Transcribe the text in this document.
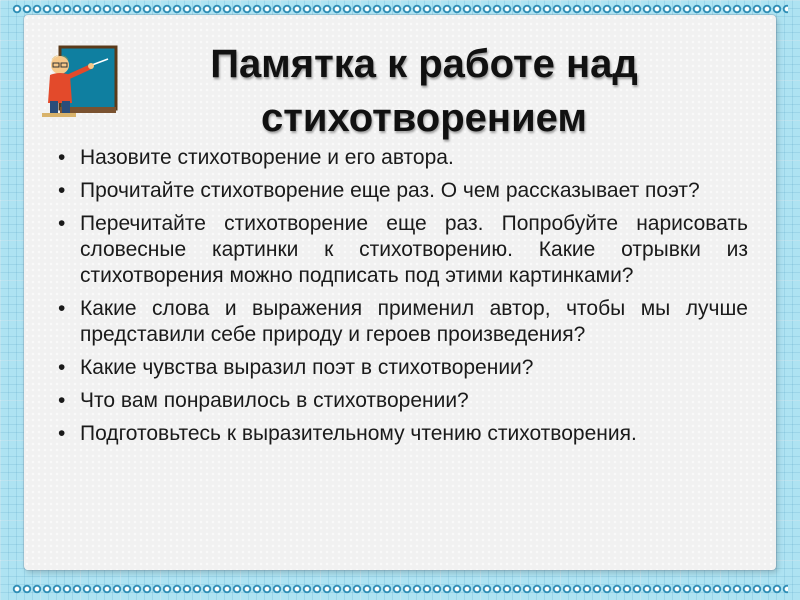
Памятка к работе над
стихотворением
• Назовите стихотворение и его автора.
• Прочитайте стихотворение еще раз. О чем рассказывает поэт?
• Перечитайте стихотворение еще раз. Попробуйте нарисовать словесные картинки к стихотворению. Какие отрывки из стихотворения можно подписать под этими картинками?
• Какие слова и выражения применил автор, чтобы мы лучше представили себе природу и героев произведения?
• Какие чувства выразил поэт в стихотворении?
• Что вам понравилось в стихотворении?
• Подготовьтесь к выразительному чтению стихотворения.
